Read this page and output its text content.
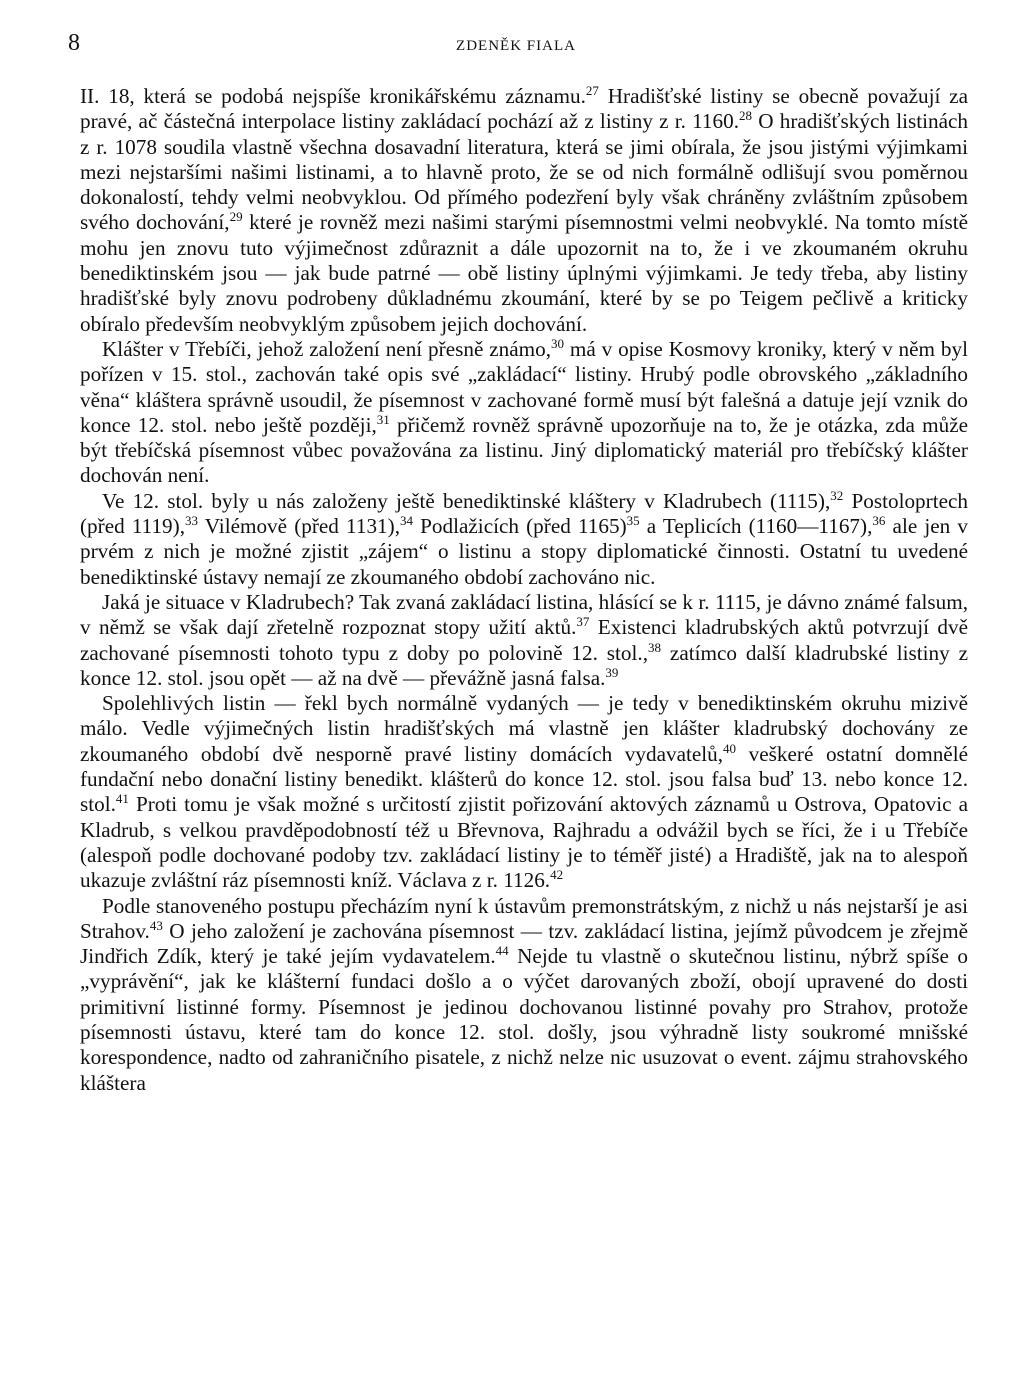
8	ZDENĚK FIALA

II. 18, která se podobá nejspíše kronikářskému záznamu.$^{27}$ Hradišťské listiny se obecně považují za pravé, ač částečná interpolace listiny zakládací pochází až z listiny z r. 1160.28 O hradišťských listinách z r. 1078 soudila vlastně všechna dosavadní literatura, která se jimi obírala, že jsou jistými výjimkami mezi nejstaršími našimi listinami, a to hlavně proto, že se od nich formálně odlišují svou poměrnou dokonalostí, tehdy velmi neobvyklou. Od přímého podezření byly však chráněny zvláštním způsobem svého dochování,$^{29}$ které je rovněž mezi našimi starými písemnostmi velmi neobvyklé. Na tomto místě mohu jen znovu tuto výjimečnost zdůraznit a dále upozornit na to, že i ve zkoumaném okruhu benediktinském jsou — jak bude patrné — obě listiny úplnými výjimkami. Je tedy třeba, aby listiny hradišťské byly znovu podrobeny důkladnému zkoumání, které by se po Teigem pečlivě a kriticky obíralo především neobvyklým způsobem jejich dochování.

Klášter v Třebíči, jehož založení není přesně známo,$^{30}$ má v opise Kosmovy kroniky, který v něm byl pořízen v 15. stol., zachován také opis své „zakládací“ listiny. Hrubý podle obrovského „základního věna“ kláštera správně usoudil, že písemnost v zachované formě musí být falešná a datuje její vznik do konce 12. stol. nebo ještě později,$^{31}$ přičemž rovněž správně upozorňuje na to, že je otázka, zda může být třebíčská písemnost vůbec považována za listinu. Jiný diplomatický materiál pro třebíčský klášter dochován není.

Ve 12. stol. byly u nás založeny ještě benediktinské kláštery v Kladrubech (1115),$^{32}$ Postoloprtech (před 1119),$^{33}$ Vilémově (před 1131),$^{34}$ Podlažicích (před 1165)$^{35}$ a Teplicích (1160—1167),$^{36}$ ale jen v prvém z nich je možné zjistit „zájem“ o listinu a stopy diplomatické činnosti. Ostatní tu uvedené benediktinské ústavy nemají ze zkoumaného období zachováno nic.

Jaká je situace v Kladrubech? Tak zvaná zakládací listina, hlásící se k r. 1115, je dávno známé falsum, v němž se však dají zřetelně rozpoznat stopy užití aktů.$^{37}$ Existenci kladrubských aktů potvrzují dvě zachované písemnosti tohoto typu z doby po polovině 12. stol.,$^{38}$ zatímco další kladrubské listiny z konce 12. stol. jsou opět — až na dvě — převážně jasná falsa.$^{39}$

Spolehlivých listin — řekl bych normálně vydaných — je tedy v benediktinském okruhu mizivě málo. Vedle výjimečných listin hradišťských má vlastně jen klášter kladrubský dochovány ze zkoumaného období dvě nesporně pravé listiny domácích vydavatelů,$^{40}$ veškeré ostatní domnělé fundační nebo donační listiny benedikt. klášterů do konce 12. stol. jsou falsa buď 13. nebo konce 12. stol.$^{41}$ Proti tomu je však možné s určitostí zjistit pořizování aktových záznamů u Ostrova, Opatovic a Kladrub, s velkou pravděpodobností též u Břevnova, Rajhradu a odvážil bych se říci, že i u Třebíče (alespoň podle dochované podoby tzv. zakládací listiny je to téměř jisté) a Hradiště, jak na to alespoň ukazuje zvláštní ráz písemnosti kníž. Václava z r. 1126.42

Podle stanoveného postupu přecházím nyní k ústavům premonstrátským, z nichž u nás nejstarší je asi Strahov.$^{43}$ O jeho založení je zachována písemnost — tzv. zakládací listina, jejímž původcem je zřejmě Jindřich Zdík, který je také jejím vydavatelem.$^{44}$ Nejde tu vlastně o skutečnou listinu, nýbrž spíše o „vyprávění“, jak ke klášterní fundaci došlo a o výčet darovaných zboží, obojí upravené do dosti primitivní listinné formy. Písemnost je jedinou dochovanou listinné povahy pro Strahov, protože písemnosti ústavu, které tam do konce 12. stol. došly, jsou výhradně listy soukromé mnišské korespondence, nadto od zahraničního pisatele, z nichž nelze nic usuzovat o event. zájmu strahovského kláštera
